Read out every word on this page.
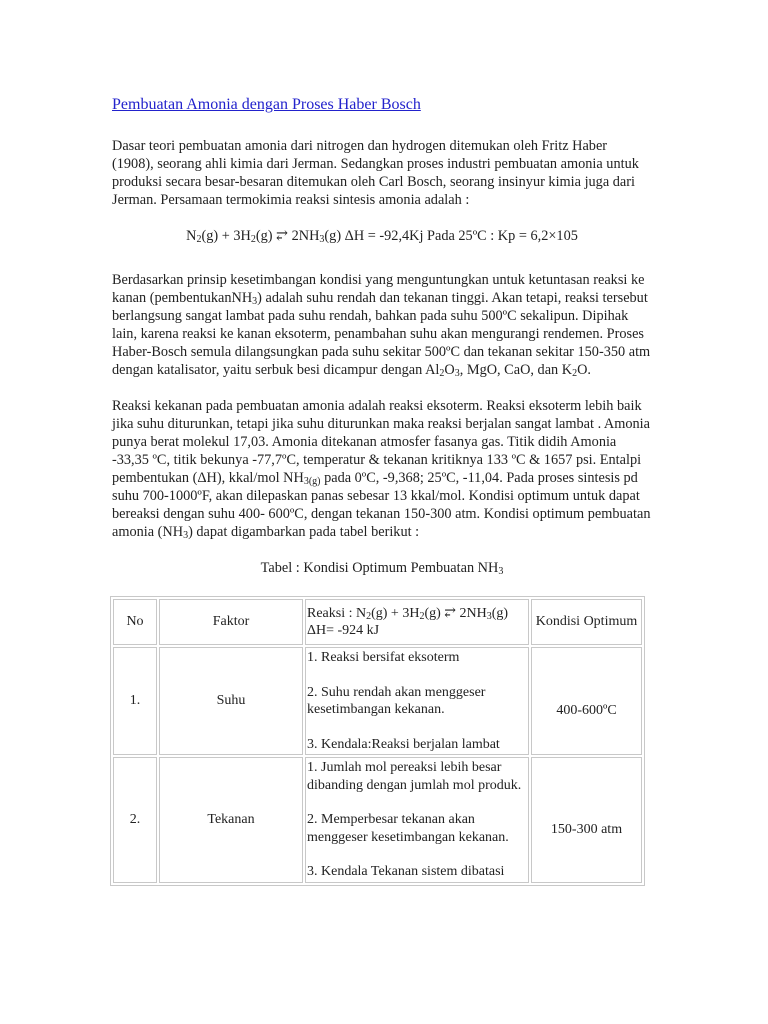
Pembuatan Amonia dengan Proses Haber Bosch

Dasar teori pembuatan amonia dari nitrogen dan hydrogen ditemukan oleh Fritz Haber (1908), seorang ahli kimia dari Jerman. Sedangkan proses industri pembuatan amonia untuk produksi secara besar-besaran ditemukan oleh Carl Bosch, seorang insinyur kimia juga dari Jerman. Persamaan termokimia reaksi sintesis amonia adalah :

$N_2(g) + 3H_2(g)$ ⥂ $2NH_3(g) \Delta H = -92,4Kj$ Pada 25ºC : Kp = 6,2×105

Berdasarkan prinsip kesetimbangan kondisi yang menguntungkan untuk ketuntasan reaksi ke kanan (pembentukanNH$_3$) adalah suhu rendah dan tekanan tinggi. Akan tetapi, reaksi tersebut berlangsung sangat lambat pada suhu rendah, bahkan pada suhu 500ºC sekalipun. Dipihak lain, karena reaksi ke kanan eksoterm, penambahan suhu akan mengurangi rendemen. Proses Haber-Bosch semula dilangsungkan pada suhu sekitar 500ºC dan tekanan sekitar 150-350 atm dengan katalisator, yaitu serbuk besi dicampur dengan $Al_2O_3$, MgO, CaO, dan $K_2O$.

Reaksi kekanan pada pembuatan amonia adalah reaksi eksoterm. Reaksi eksoterm lebih baik jika suhu diturunkan, tetapi jika suhu diturunkan maka reaksi berjalan sangat lambat . Amonia punya berat molekul 17,03. Amonia ditekanan atmosfer fasanya gas. Titik didih Amonia -33,35 ºC, titik bekunya -77,7ºC, temperatur & tekanan kritiknya 133 ºC & 1657 psi. Entalpi pembentukan (ΔH), kkal/mol $NH_{3(g)}$ pada 0ºC, -9,368; 25ºC, -11,04. Pada proses sintesis pd suhu 700-1000ºF, akan dilepaskan panas sebesar 13 kkal/mol. Kondisi optimum untuk dapat bereaksi dengan suhu 400- 600ºC, dengan tekanan 150-300 atm. Kondisi optimum pembuatan amonia $(NH_3)$ dapat digambarkan pada tabel berikut :

Tabel : Kondisi Optimum Pembuatan $NH_3$
No	Faktor	Reaksi : $N_2(g) + 3H_2(g)$ ⥂ $2NH_3(g)$ ΔH= -924 kJ	Kondisi Optimum
1.	Suhu	1. Reaksi bersifat eksoterm
2. Suhu rendah akan menggeser kesetimbangan kekanan.
3. Kendala:Reaksi berjalan lambat	400-600ºC
2.	Tekanan	1. Jumlah mol pereaksi lebih besar dibanding dengan jumlah mol produk.
2. Memperbesar tekanan akan menggeser kesetimbangan kekanan.
3. Kendala Tekanan sistem dibatasi	150-300 atm
